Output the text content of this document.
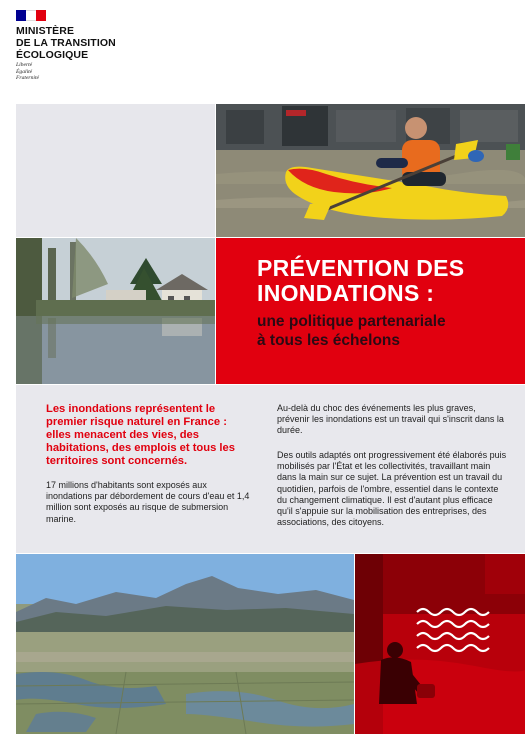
MINISTÈRE
DE LA TRANSITION
ÉCOLOGIQUE
Liberté
Égalité
Fraternité
PRÉVENTION DES
INONDATIONS :
une politique partenariale
à tous les échelons
Les inondations représentent le premier risque naturel en France : elles menacent des vies, des habitations, des emplois et tous les territoires sont concernés.
17 millions d'habitants sont exposés aux inondations par débordement de cours d'eau et 1,4 million sont exposés au risque de submersion marine.
Au-delà du choc des événements les plus graves, prévenir les inondations est un travail qui s'inscrit dans la durée.
Des outils adaptés ont progressivement été élaborés puis mobilisés par l'État et les collectivités, travaillant main dans la main sur ce sujet. La prévention est un travail du quotidien, parfois de l'ombre, essentiel dans le contexte du changement climatique. Il est d'autant plus efficace qu'il s'appuie sur la mobilisation des entreprises, des associations, des citoyens.
